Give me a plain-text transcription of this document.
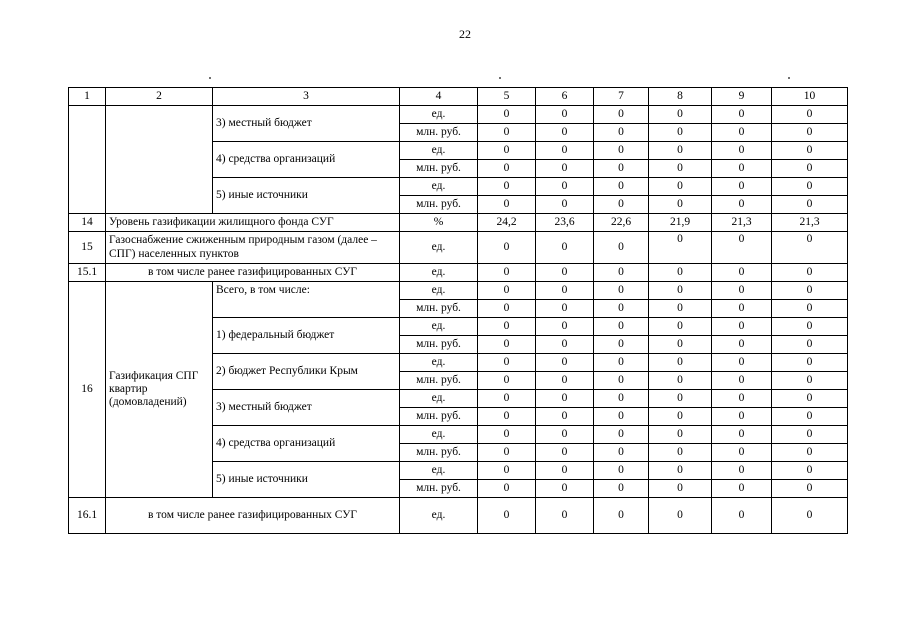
22
1	2	3	4	5	6	7	8	9	10
		3) местный бюджет	ед.	0	0	0	0	0	0
			млн. руб.	0	0	0	0	0	0
		4) средства организаций	ед.	0	0	0	0	0	0
			млн. руб.	0	0	0	0	0	0
		5) иные источники	ед.	0	0	0	0	0	0
			млн. руб.	0	0	0	0	0	0
14	Уровень газификации жилищного фонда СУГ		%	24,2	23,6	22,6	21,9	21,3	21,3
15	Газоснабжение сжиженным природным газом (далее – СПГ) населенных пунктов		ед.	0	0	0	0	0	0
15.1	в том числе ранее газифицированных СУГ		ед.	0	0	0	0	0	0
16	Газификация СПГ квартир (домовладений)	Всего, в том числе:	ед.	0	0	0	0	0	0
			млн. руб.	0	0	0	0	0	0
		1) федеральный бюджет	ед.	0	0	0	0	0	0
			млн. руб.	0	0	0	0	0	0
		2) бюджет Республики Крым	ед.	0	0	0	0	0	0
			млн. руб.	0	0	0	0	0	0
		3) местный бюджет	ед.	0	0	0	0	0	0
			млн. руб.	0	0	0	0	0	0
		4) средства организаций	ед.	0	0	0	0	0	0
			млн. руб.	0	0	0	0	0	0
		5) иные источники	ед.	0	0	0	0	0	0
			млн. руб.	0	0	0	0	0	0
16.1	в том числе ранее газифицированных СУГ		ед.	0	0	0	0	0	0
